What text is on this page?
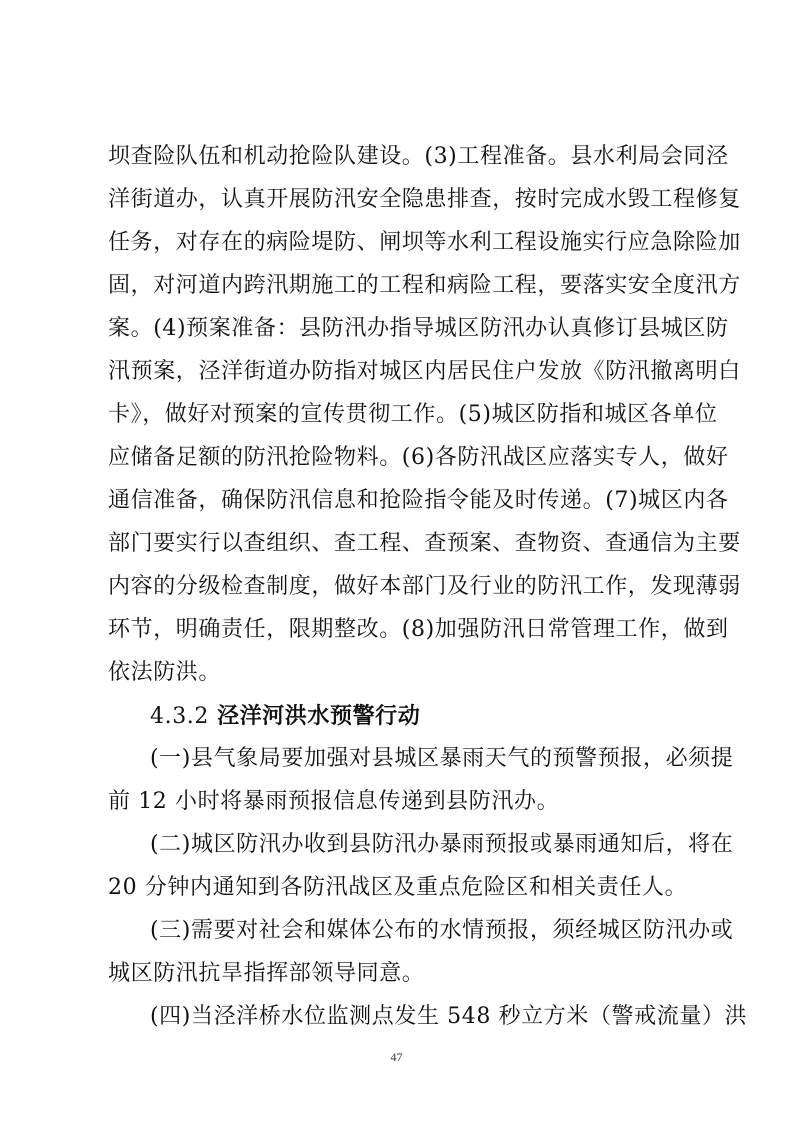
坝查险队伍和机动抢险队建设。(3)工程准备。县水利局会同泾
洋街道办，认真开展防汛安全隐患排查，按时完成水毁工程修复
任务，对存在的病险堤防、闸坝等水利工程设施实行应急除险加
固，对河道内跨汛期施工的工程和病险工程，要落实安全度汛方
案。(4)预案准备：县防汛办指导城区防汛办认真修订县城区防
汛预案，泾洋街道办防指对城区内居民住户发放《防汛撤离明白
卡》，做好对预案的宣传贯彻工作。(5)城区防指和城区各单位
应储备足额的防汛抢险物料。(6)各防汛战区应落实专人，做好
通信准备，确保防汛信息和抢险指令能及时传递。(7)城区内各
部门要实行以查组织、查工程、查预案、查物资、查通信为主要
内容的分级检查制度，做好本部门及行业的防汛工作，发现薄弱
环节，明确责任，限期整改。(8)加强防汛日常管理工作，做到
依法防洪。
4.3.2 泾洋河洪水预警行动
(一)县气象局要加强对县城区暴雨天气的预警预报，必须提
前 12 小时将暴雨预报信息传递到县防汛办。
(二)城区防汛办收到县防汛办暴雨预报或暴雨通知后，将在
20 分钟内通知到各防汛战区及重点危险区和相关责任人。
(三)需要对社会和媒体公布的水情预报，须经城区防汛办或
城区防汛抗旱指挥部领导同意。
(四)当泾洋桥水位监测点发生 548 秒立方米（警戒流量）洪
47
